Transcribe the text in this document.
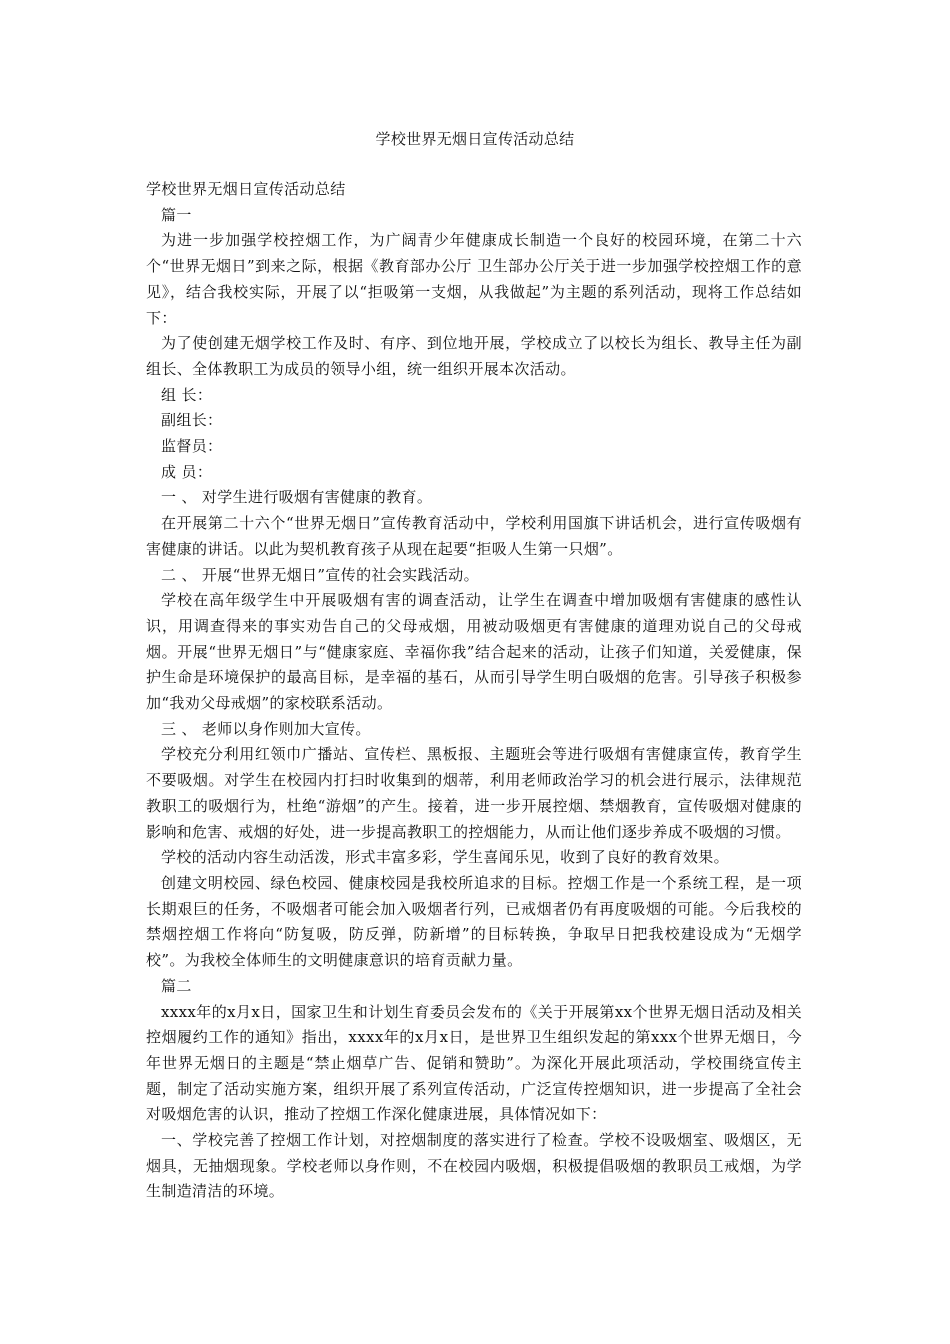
学校世界无烟日宣传活动总结

学校世界无烟日宣传活动总结

篇一

为进一步加强学校控烟工作，为广阔青少年健康成长制造一个良好的校园环境，在第二十六个“世界无烟日”到来之际，根据《教育部办公厅 卫生部办公厅关于进一步加强学校控烟工作的意见》，结合我校实际，开展了以“拒吸第一支烟，从我做起”为主题的系列活动，现将工作总结如下：

为了使创建无烟学校工作及时、有序、到位地开展，学校成立了以校长为组长、教导主任为副组长、全体教职工为成员的领导小组，统一组织开展本次活动。

组 长：

副组长：

监督员：

成 员：

一 、 对学生进行吸烟有害健康的教育。

在开展第二十六个“世界无烟日”宣传教育活动中，学校利用国旗下讲话机会，进行宣传吸烟有害健康的讲话。以此为契机教育孩子从现在起要“拒吸人生第一只烟”。

二 、 开展“世界无烟日”宣传的社会实践活动。

学校在高年级学生中开展吸烟有害的调查活动，让学生在调查中增加吸烟有害健康的感性认识，用调查得来的事实劝告自己的父母戒烟，用被动吸烟更有害健康的道理劝说自己的父母戒烟。开展“世界无烟日”与“健康家庭、幸福你我”结合起来的活动，让孩子们知道，关爱健康，保护生命是环境保护的最高目标，是幸福的基石，从而引导学生明白吸烟的危害。引导孩子积极参加“我劝父母戒烟”的家校联系活动。

三 、 老师以身作则加大宣传。

学校充分利用红领巾广播站、宣传栏、黑板报、主题班会等进行吸烟有害健康宣传，教育学生不要吸烟。对学生在校园内打扫时收集到的烟蒂，利用老师政治学习的机会进行展示，法律规范教职工的吸烟行为，杜绝“游烟”的产生。接着，进一步开展控烟、禁烟教育，宣传吸烟对健康的影响和危害、戒烟的好处，进一步提高教职工的控烟能力，从而让他们逐步养成不吸烟的习惯。

学校的活动内容生动活泼，形式丰富多彩，学生喜闻乐见，收到了良好的教育效果。

创建文明校园、绿色校园、健康校园是我校所追求的目标。控烟工作是一个系统工程，是一项长期艰巨的任务，不吸烟者可能会加入吸烟者行列，已戒烟者仍有再度吸烟的可能。今后我校的禁烟控烟工作将向“防复吸，防反弹，防新增”的目标转换，争取早日把我校建设成为“无烟学校”。为我校全体师生的文明健康意识的培育贡献力量。

篇二

xxxx年的x月x日，国家卫生和计划生育委员会发布的《关于开展第xx个世界无烟日活动及相关控烟履约工作的通知》指出，xxxx年的x月x日，是世界卫生组织发起的第xxx个世界无烟日，今年世界无烟日的主题是“禁止烟草广告、促销和赞助”。为深化开展此项活动，学校围绕宣传主题，制定了活动实施方案，组织开展了系列宣传活动，广泛宣传控烟知识，进一步提高了全社会对吸烟危害的认识，推动了控烟工作深化健康进展，具体情况如下：

一、学校完善了控烟工作计划，对控烟制度的落实进行了检查。学校不设吸烟室、吸烟区，无烟具，无抽烟现象。学校老师以身作则，不在校园内吸烟，积极提倡吸烟的教职员工戒烟，为学生制造清洁的环境。
